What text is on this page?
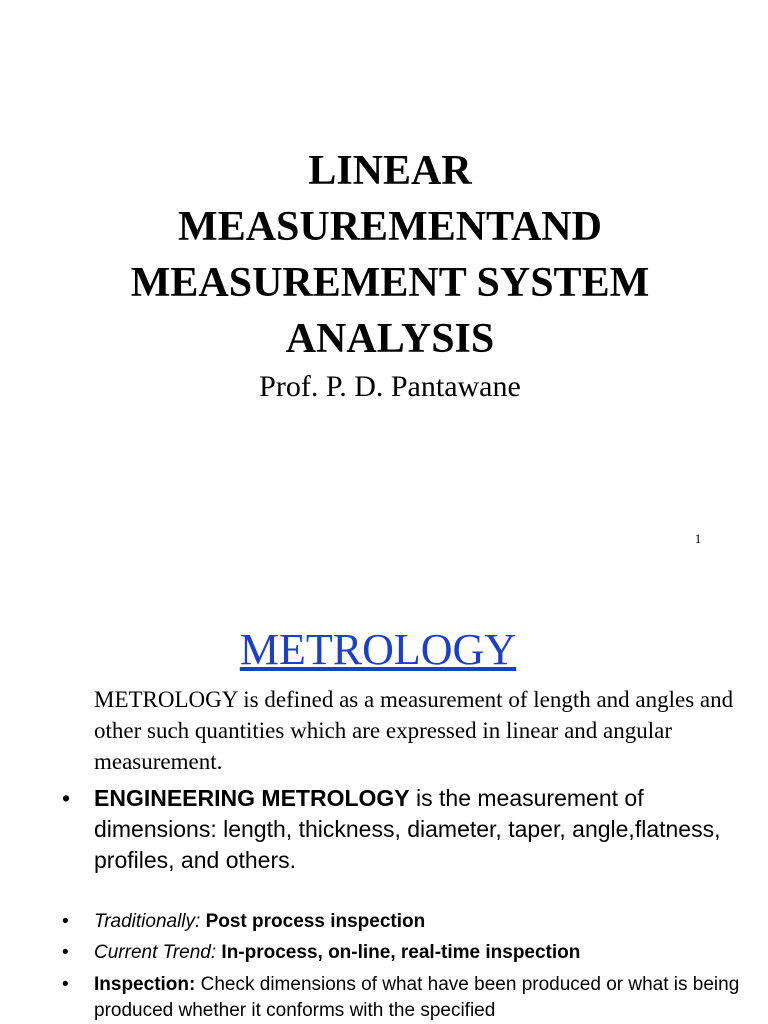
LINEAR
MEASUREMENTAND
MEASUREMENT SYSTEM
ANALYSIS
Prof. P. D. Pantawane
1
METROLOGY
METROLOGY is defined as a measurement of length and angles and other such quantities which are expressed in linear and angular measurement.
•	ENGINEERING METROLOGY is the measurement of dimensions: length, thickness, diameter, taper, angle,flatness, profiles, and others.
•	Traditionally: Post process inspection
•	Current Trend: In-process, on-line, real-time inspection
•	Inspection: Check dimensions of what have been produced or what is being produced whether it conforms with the specified
